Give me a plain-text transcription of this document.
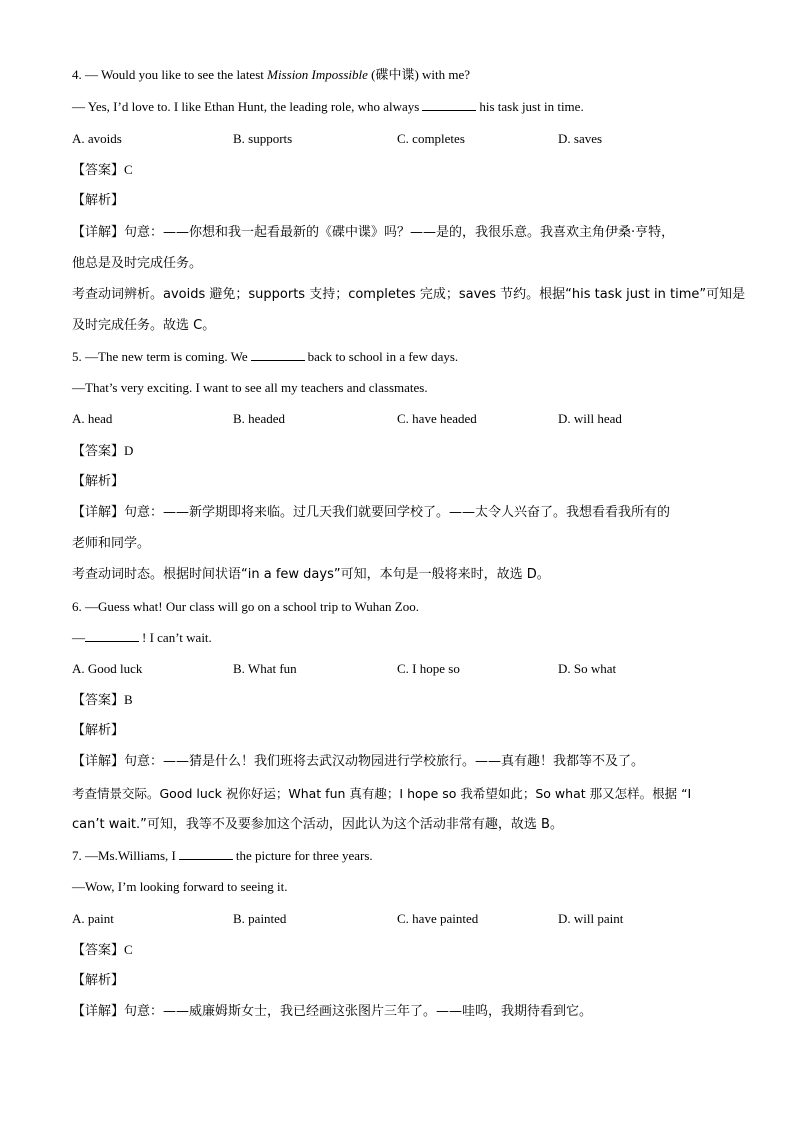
4. — Would you like to see the latest Mission Impossible (碟中谍) with me?
— Yes, I’d love to. I like Ethan Hunt, the leading role, who always	his task just in time.
A. avoids	B. supports	C. completes	D. saves
【答案】C
【解析】
【详解】句意：——你想和我一起看最新的《碟中谍》吗？——是的，我很乐意。我喜欢主角伊桑·亨特，
他总是及时完成任务。
考查动词辨析。avoids 避免；supports 支持；completes 完成；saves 节约。根据“his task just in time”可知是
及时完成任务。故选 C。
5. —The new term is coming. We	back to school in a few days.
—That’s very exciting. I want to see all my teachers and classmates.
A. head	B. headed	C. have headed	D. will head
【答案】D
【解析】
【详解】句意：——新学期即将来临。过几天我们就要回学校了。——太令人兴奋了。我想看看我所有的
老师和同学。
考查动词时态。根据时间状语“in a few days”可知，本句是一般将来时，故选 D。
6. —Guess what! Our class will go on a school trip to Wuhan Zoo.
—	! I can’t wait.
A. Good luck	B. What fun	C. I hope so	D. So what
【答案】B
【解析】
【详解】句意：——猜是什么！我们班将去武汉动物园进行学校旅行。——真有趣！我都等不及了。
考查情景交际。Good luck 祝你好运；What fun 真有趣；I hope so 我希望如此；So what 那又怎样。根据 “I
can’t wait.”可知，我等不及要参加这个活动，因此认为这个活动非常有趣，故选 B。
7. —Ms.Williams, I	the picture for three years.
—Wow, I’m looking forward to seeing it.
A. paint	B. painted	C. have painted	D. will paint
【答案】C
【解析】
【详解】句意：——威廉姆斯女士，我已经画这张图片三年了。——哇呜，我期待看到它。
